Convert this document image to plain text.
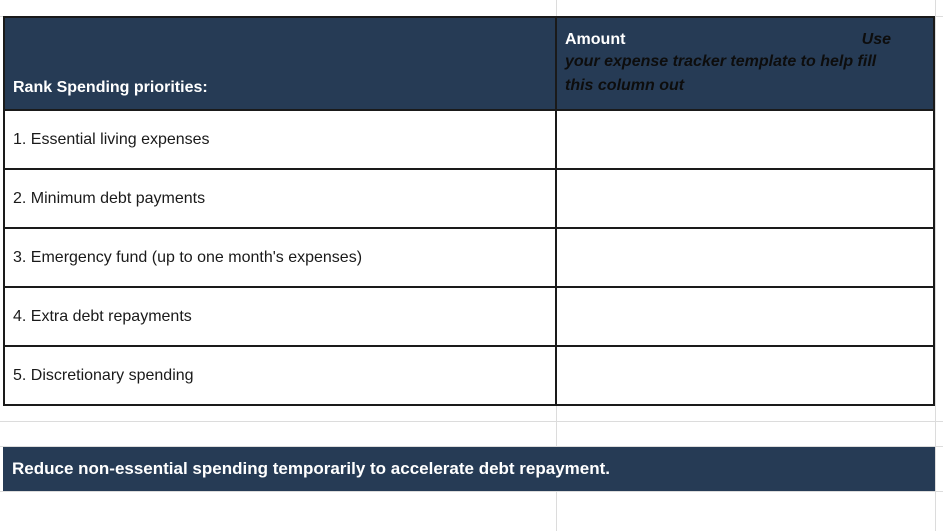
Rank Spending priorities:
Amount	Use
your expense tracker template to help fill this column out
1. Essential living expenses
2. Minimum debt payments
3. Emergency fund (up to one month's expenses)
4. Extra debt repayments
5. Discretionary spending
Reduce non-essential spending temporarily to accelerate debt repayment.
